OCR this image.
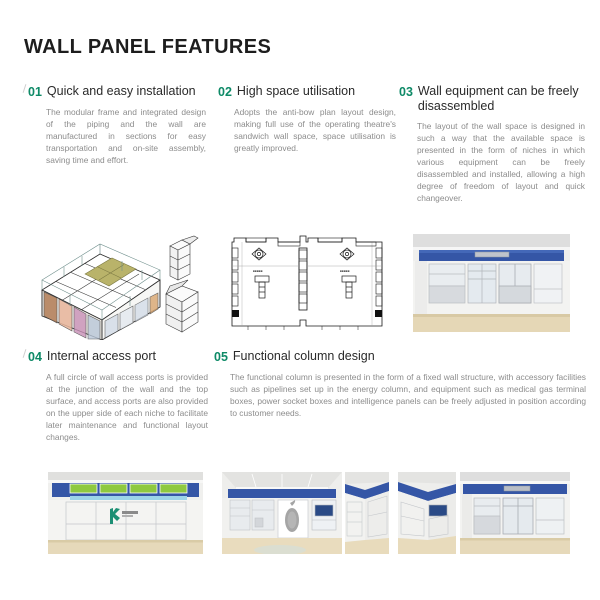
WALL PANEL FEATURES
01 Quick and easy installation
The modular frame and integrated design of the piping and the wall are manufactured in sections for easy transportation and on-site assembly, saving time and effort.
02 High space utilisation
Adopts the anti-bow plan layout design, making full use of the operating theatre's sandwich wall space, space utilisation is greatly improved.
03 Wall equipment can be freely disassembled
The layout of the wall space is designed in such a way that the available space is presented in the form of niches in which various equipment can be freely disassembled and installed, allowing a high degree of freedom of layout and quick changeover.
04 Internal access port
A full circle of wall access ports is provided at the junction of the wall and the top surface, and access ports are also provided on the upper side of each niche to facilitate later maintenance and functional layout changes.
05 Functional column design
The functional column is presented in the form of a fixed wall structure, with accessory facilities such as pipelines set up in the energy column, and equipment such as medical gas terminal boxes, power socket boxes and intelligence panels can be freely adjusted in position according to customer needs.
■■■■■	■■■■■
